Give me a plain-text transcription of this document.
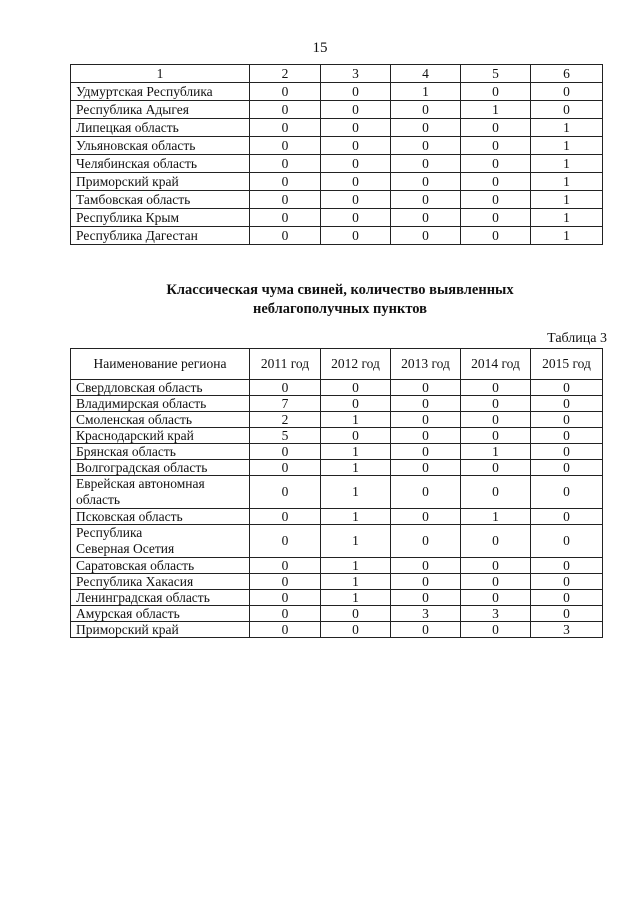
15
1	2	3	4	5	6
Удмуртская Республика	0	0	1	0	0
Республика Адыгея	0	0	0	1	0
Липецкая область	0	0	0	0	1
Ульяновская область	0	0	0	0	1
Челябинская область	0	0	0	0	1
Приморский край	0	0	0	0	1
Тамбовская область	0	0	0	0	1
Республика Крым	0	0	0	0	1
Республика Дагестан	0	0	0	0	1
Классическая чума свиней, количество выявленных
неблагополучных пунктов
Таблица 3
Наименование региона	2011 год	2012 год	2013 год	2014 год	2015 год

Свердловская область	0	0	0	0	0

Владимирская область	7	0	0	0	0

Смоленская область	2	1	0	0	0

Краснодарский край	5	0	0	0	0

Брянская область	0	1	0	1	0

Волгоградская область	0	1	0	0	0

Еврейская автономная
область	0	1	0	0	0

Псковская область	0	1	0	1	0

Республика
Северная Осетия	0	1	0	0	0

Саратовская область	0	1	0	0	0

Республика Хакасия	0	1	0	0	0

Ленинградская область	0	1	0	0	0

Амурская область	0	0	3	3	0

Приморский край	0	0	0	0	3
